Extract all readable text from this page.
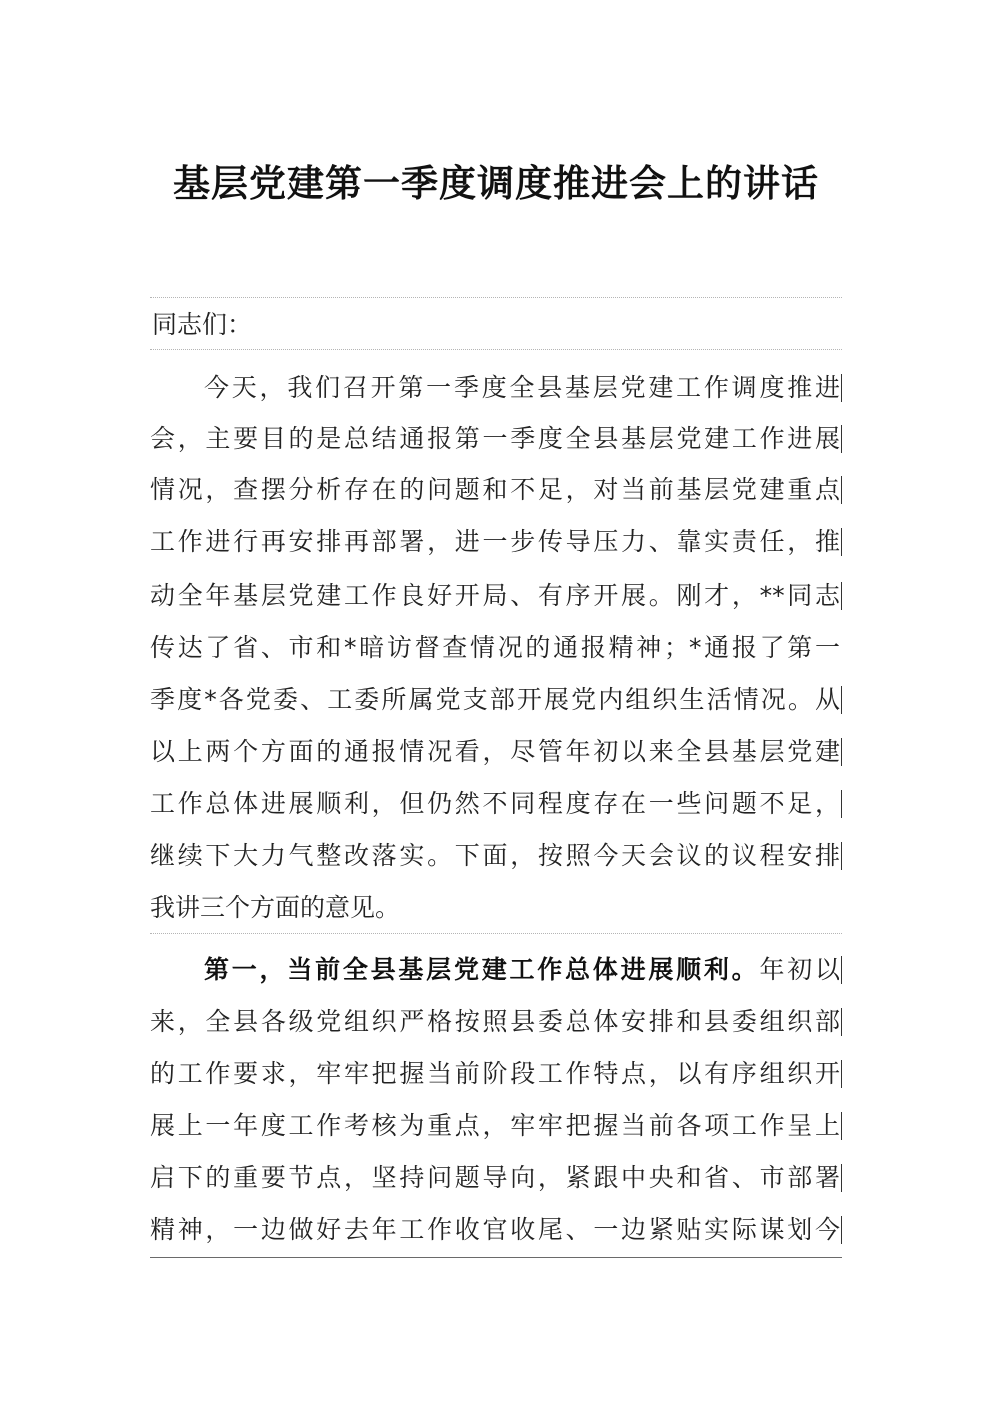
基层党建第一季度调度推进会上的讲话
同志们：
今天，我们召开第一季度全县基层党建工作调度推进
会，主要目的是总结通报第一季度全县基层党建工作进展
情况，查摆分析存在的问题和不足，对当前基层党建重点
工作进行再安排再部署，进一步传导压力、靠实责任，推
动全年基层党建工作良好开局、有序开展。刚才，**同志
传达了省、市和*暗访督查情况的通报精神；*通报了第一
季度*各党委、工委所属党支部开展党内组织生活情况。从
以上两个方面的通报情况看，尽管年初以来全县基层党建
工作总体进展顺利，但仍然不同程度存在一些问题不足，
继续下大力气整改落实。下面，按照今天会议的议程安排
我讲三个方面的意见。
第一，当前全县基层党建工作总体进展顺利。年初以
来，全县各级党组织严格按照县委总体安排和县委组织部
的工作要求，牢牢把握当前阶段工作特点，以有序组织开
展上一年度工作考核为重点，牢牢把握当前各项工作呈上
启下的重要节点，坚持问题导向，紧跟中央和省、市部署
精神，一边做好去年工作收官收尾、一边紧贴实际谋划今
